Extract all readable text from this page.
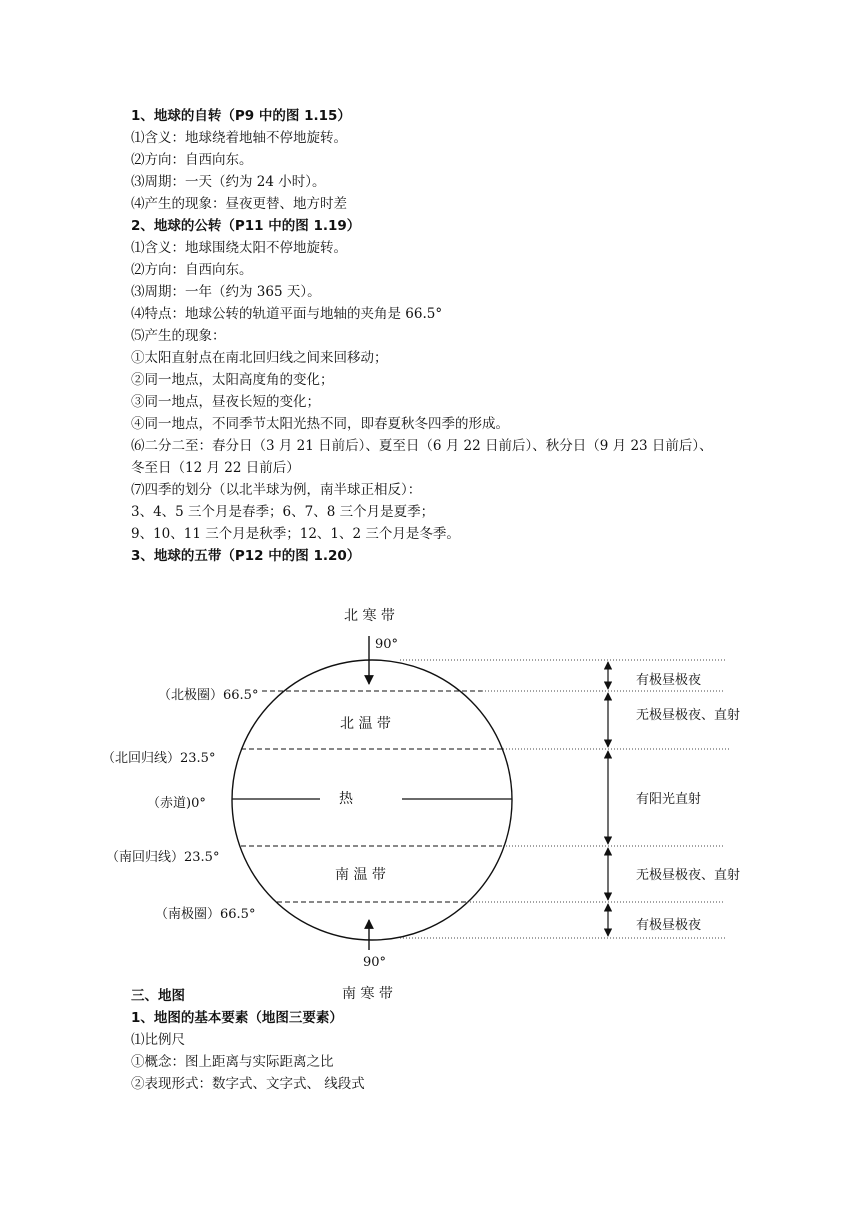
1、地球的自转（P9 中的图 1.15）
⑴含义：地球绕着地轴不停地旋转。
⑵方向：自西向东。
⑶周期：一天（约为 24 小时）。
⑷产生的现象：昼夜更替、地方时差
2、地球的公转（P11 中的图 1.19）
⑴含义：地球围绕太阳不停地旋转。
⑵方向：自西向东。
⑶周期：一年（约为 365 天）。
⑷特点：地球公转的轨道平面与地轴的夹角是 66.5°
⑸产生的现象：
①太阳直射点在南北回归线之间来回移动；
②同一地点，太阳高度角的变化；
③同一地点，昼夜长短的变化；
④同一地点，不同季节太阳光热不同，即春夏秋冬四季的形成。
⑹二分二至：春分日（3 月 21 日前后）、夏至日（6 月 22 日前后）、秋分日（9 月 23 日前后）、
冬至日（12 月 22 日前后）
⑺四季的划分（以北半球为例，南半球正相反）：
3、4、5 三个月是春季；6、7、8 三个月是夏季；
9、10、11 三个月是秋季；12、1、2 三个月是冬季。
3、地球的五带（P12 中的图 1.20）
北 寒 带
90°
北 温 带
热
南 温 带
90°
南 寒 带
（北极圈）66.5°
（北回归线）23.5°
（赤道)0°
（南回归线）23.5°
（南极圈）66.5°
有极昼极夜
无极昼极夜、直射
有阳光直射
无极昼极夜、直射
有极昼极夜
三、地图
1、地图的基本要素（地图三要素）
⑴比例尺
①概念：图上距离与实际距离之比
②表现形式：数字式、文字式、 线段式
